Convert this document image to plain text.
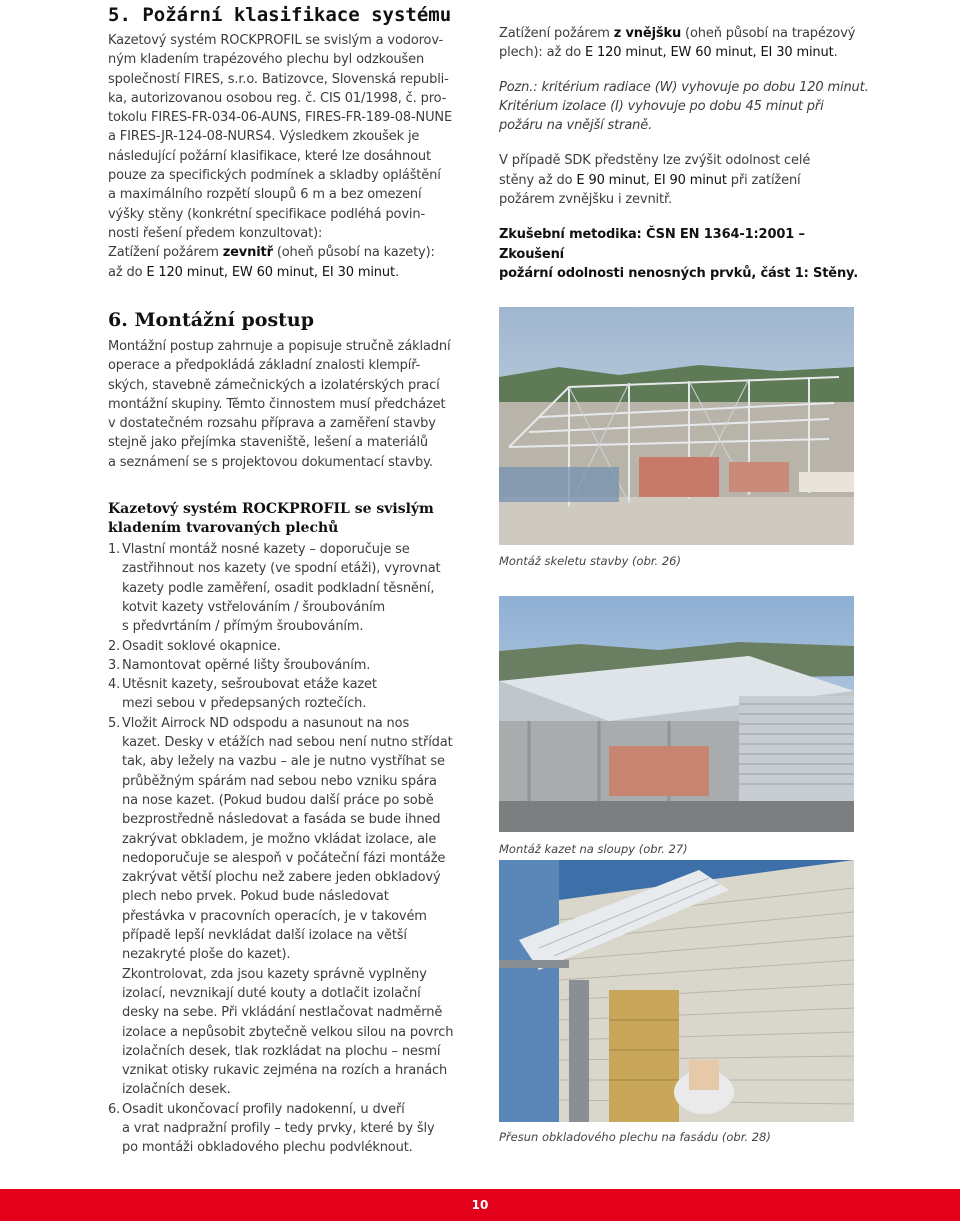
5. Požární klasifikace systému
Kazetový systém ROCKPROFIL se svislým a vodorov-
ným kladením trapézového plechu byl odzkoušen
společností FIRES, s.r.o. Batizovce, Slovenská republi-
ka, autorizovanou osobou reg. č. CIS 01/1998, č. pro-
tokolu FIRES-FR-034-06-AUNS, FIRES-FR-189-08-NUNE
a FIRES-JR-124-08-NURS4. Výsledkem zkoušek je
následující požární klasifikace, které lze dosáhnout
pouze za specifických podmínek a skladby opláštění
a maximálního rozpětí sloupů 6 m a bez omezení
výšky stěny (konkrétní specifikace podléhá povin-
nosti řešení předem konzultovat):
Zatížení požárem zevnitř (oheň působí na kazety):
až do E 120 minut, EW 60 minut, EI 30 minut.
Zatížení požárem z vnějšku (oheň působí na trapézový
plech): až do E 120 minut, EW 60 minut, EI 30 minut.
Pozn.: kritérium radiace (W) vyhovuje po dobu 120 minut.
Kritérium izolace (I) vyhovuje po dobu 45 minut při
požáru na vnější straně.
V případě SDK předstěny lze zvýšit odolnost celé
stěny až do E 90 minut, EI 90 minut při zatížení
požárem zvnějšku i zevnitř.
Zkušební metodika: ČSN EN 1364-1:2001 – Zkoušení
požární odolnosti nenosných prvků, část 1: Stěny.
6. Montážní postup
Montážní postup zahrnuje a popisuje stručně základní
operace a předpokládá základní znalosti klempíř-
ských, stavebně zámečnických a izolatérských prací
montážní skupiny. Těmto činnostem musí předcházet
v dostatečném rozsahu příprava a zaměření stavby
stejně jako přejímka staveniště, lešení a materiálů
a seznámení se s projektovou dokumentací stavby.
Kazetový systém ROCKPROFIL se svislým
kladením tvarovaných plechů
1. Vlastní montáž nosné kazety – doporučuje se
zastřihnout nos kazety (ve spodní etáži), vyrovnat
kazety podle zaměření, osadit podkladní těsnění,
kotvit kazety vstřelováním / šroubováním
s předvrtáním / přímým šroubováním.
2. Osadit soklové okapnice.
3. Namontovat opěrné lišty šroubováním.
4. Utěsnit kazety, sešroubovat etáže kazet
mezi sebou v předepsaných roztečích.
5. Vložit Airrock ND odspodu a nasunout na nos
kazet. Desky v etážích nad sebou není nutno střídat
tak, aby ležely na vazbu – ale je nutno vystříhat se
průběžným spárám nad sebou nebo vzniku spára
na nose kazet. (Pokud budou další práce po sobě
bezprostředně následovat a fasáda se bude ihned
zakrývat obkladem, je možno vkládat izolace, ale
nedoporučuje se alespoň v počáteční fázi montáže
zakrývat větší plochu než zabere jeden obkladový
plech nebo prvek. Pokud bude následovat
přestávka v pracovních operacích, je v takovém
případě lepší nevkládat další izolace na větší
nezakryté ploše do kazet).
Zkontrolovat, zda jsou kazety správně vyplněny
izolací, nevznikají duté kouty a dotlačit izolační
desky na sebe. Při vkládání nestlačovat nadměrně
izolace a nepůsobit zbytečně velkou silou na povrch
izolačních desek, tlak rozkládat na plochu – nesmí
vznikat otisky rukavic zejména na rozích a hranách
izolačních desek.
6. Osadit ukončovací profily nadokenní, u dveří
a vrat nadpražní profily – tedy prvky, které by šly
po montáži obkladového plechu podvléknout.
Montáž skeletu stavby (obr. 26)
Montáž kazet na sloupy (obr. 27)
Přesun obkladového plechu na fasádu (obr. 28)
10
